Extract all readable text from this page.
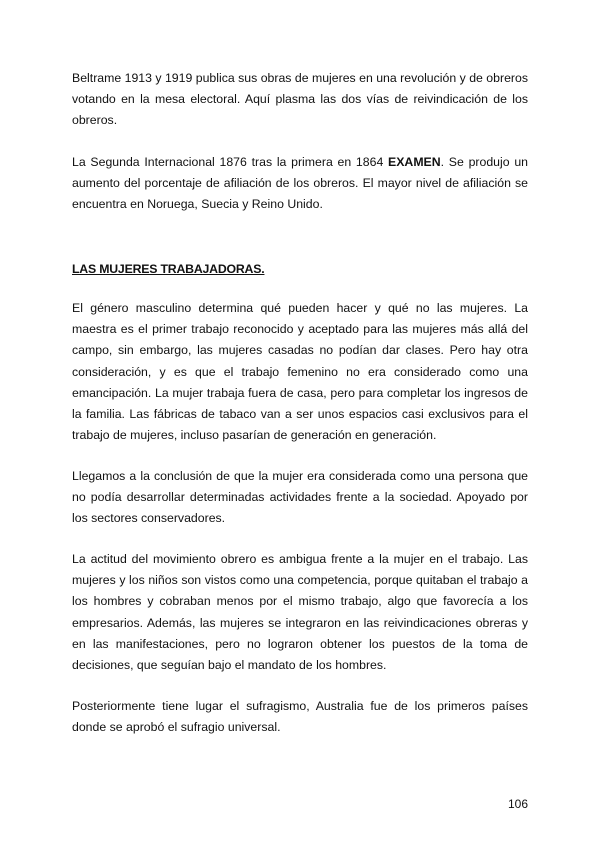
Beltrame 1913 y 1919 publica sus obras de mujeres en una revolución y de obreros votando en la mesa electoral. Aquí plasma las dos vías de reivindicación de los obreros.

La Segunda Internacional 1876 tras la primera en 1864 EXAMEN. Se produjo un aumento del porcentaje de afiliación de los obreros. El mayor nivel de afiliación se encuentra en Noruega, Suecia y Reino Unido.

LAS MUJERES TRABAJADORAS.

El género masculino determina qué pueden hacer y qué no las mujeres. La maestra es el primer trabajo reconocido y aceptado para las mujeres más allá del campo, sin embargo, las mujeres casadas no podían dar clases. Pero hay otra consideración, y es que el trabajo femenino no era considerado como una emancipación. La mujer trabaja fuera de casa, pero para completar los ingresos de la familia. Las fábricas de tabaco van a ser unos espacios casi exclusivos para el trabajo de mujeres, incluso pasarían de generación en generación.

Llegamos a la conclusión de que la mujer era considerada como una persona que no podía desarrollar determinadas actividades frente a la sociedad. Apoyado por los sectores conservadores.

La actitud del movimiento obrero es ambigua frente a la mujer en el trabajo. Las mujeres y los niños son vistos como una competencia, porque quitaban el trabajo a los hombres y cobraban menos por el mismo trabajo, algo que favorecía a los empresarios. Además, las mujeres se integraron en las reivindicaciones obreras y en las manifestaciones, pero no lograron obtener los puestos de la toma de decisiones, que seguían bajo el mandato de los hombres.

Posteriormente tiene lugar el sufragismo, Australia fue de los primeros países donde se aprobó el sufragio universal.

106
